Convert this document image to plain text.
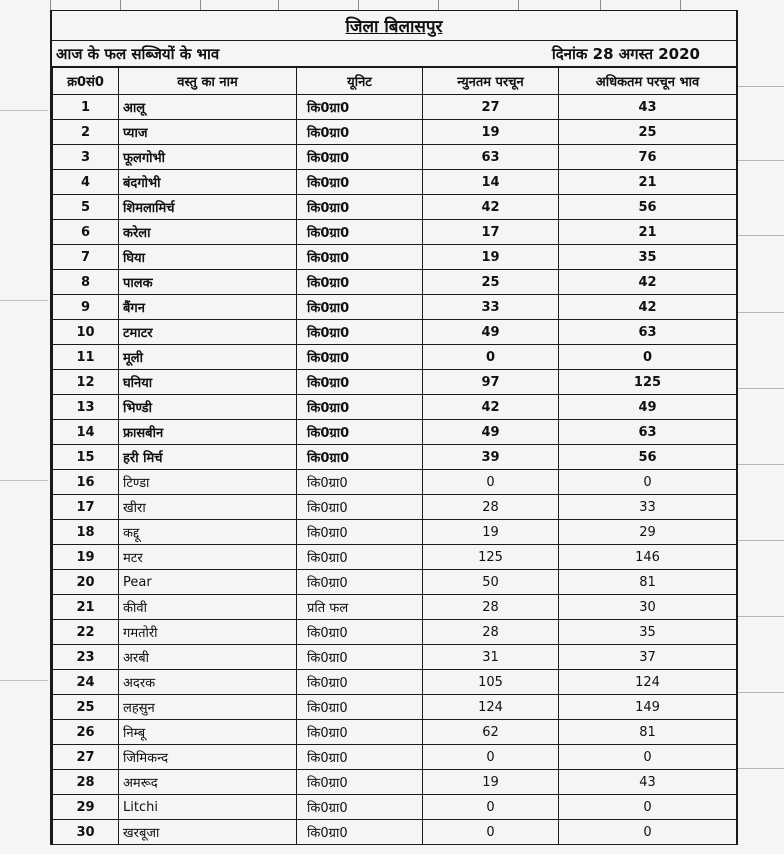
जिला बिलासपुर
आज के फल सब्जियों के भाव	दिनांक 28 अगस्त 2020
क्र0सं0	वस्तु का नाम	यूनिट	न्युनतम परचून	अधिकतम परचून भाव
1	आलू	कि0ग्रा0	27	43
2	प्याज	कि0ग्रा0	19	25
3	फूलगोभी	कि0ग्रा0	63	76
4	बंदगोभी	कि0ग्रा0	14	21
5	शिमलामिर्च	कि0ग्रा0	42	56
6	करेला	कि0ग्रा0	17	21
7	घिया	कि0ग्रा0	19	35
8	पालक	कि0ग्रा0	25	42
9	बैंगन	कि0ग्रा0	33	42
10	टमाटर	कि0ग्रा0	49	63
11	मूली	कि0ग्रा0	0	0
12	घनिया	कि0ग्रा0	97	125
13	भिण्डी	कि0ग्रा0	42	49
14	फ्रासबीन	कि0ग्रा0	49	63
15	हरी मिर्च	कि0ग्रा0	39	56
16	टिण्डा	कि0ग्रा0	0	0
17	खीरा	कि0ग्रा0	28	33
18	कद्दू	कि0ग्रा0	19	29
19	मटर	कि0ग्रा0	125	146
20	Pear	कि0ग्रा0	50	81
21	कीवी	प्रति फल	28	30
22	गमतोरी	कि0ग्रा0	28	35
23	अरबी	कि0ग्रा0	31	37
24	अदरक	कि0ग्रा0	105	124
25	लहसुन	कि0ग्रा0	124	149
26	निम्बू	कि0ग्रा0	62	81
27	जिमिकन्द	कि0ग्रा0	0	0
28	अमरूद	कि0ग्रा0	19	43
29	Litchi	कि0ग्रा0	0	0
30	खरबूजा	कि0ग्रा0	0	0
